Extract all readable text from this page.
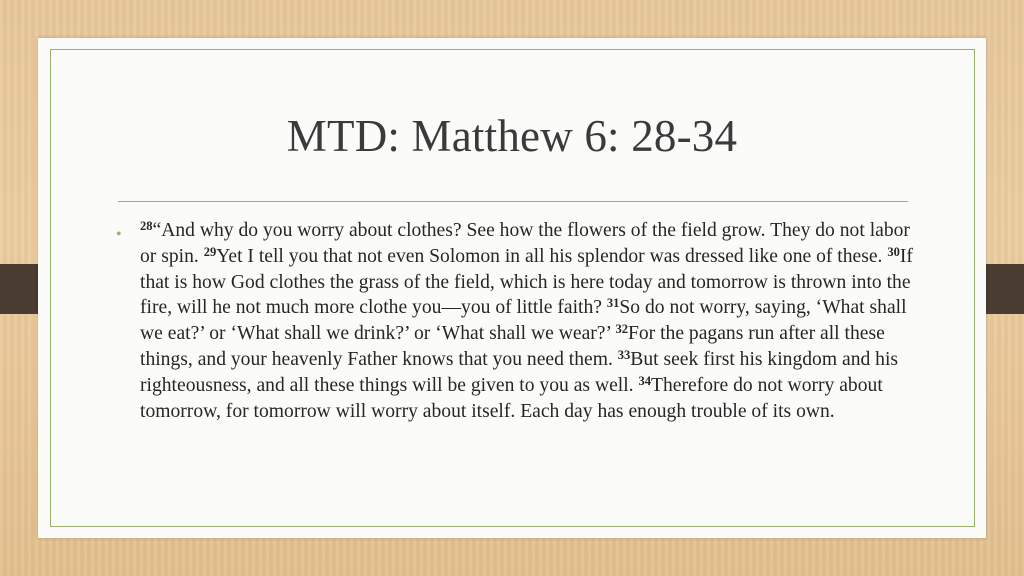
MTD: Matthew 6: 28-34
• $^{28}$“And why do you worry about clothes? See how the flowers of the field grow. They do not labor or spin. $^{29}$Yet I tell you that not even Solomon in all his splendor was dressed like one of these. $^{30}$If that is how God clothes the grass of the field, which is here today and tomorrow is thrown into the fire, will he not much more clothe you—you of little faith? $^{31}$So do not worry, saying, ‘What shall we eat?’ or ‘What shall we drink?’ or ‘What shall we wear?’ $^{32}$For the pagans run after all these things, and your heavenly Father knows that you need them. $^{33}$But seek first his kingdom and his righteousness, and all these things will be given to you as well. $^{34}$Therefore do not worry about tomorrow, for tomorrow will worry about itself. Each day has enough trouble of its own.
